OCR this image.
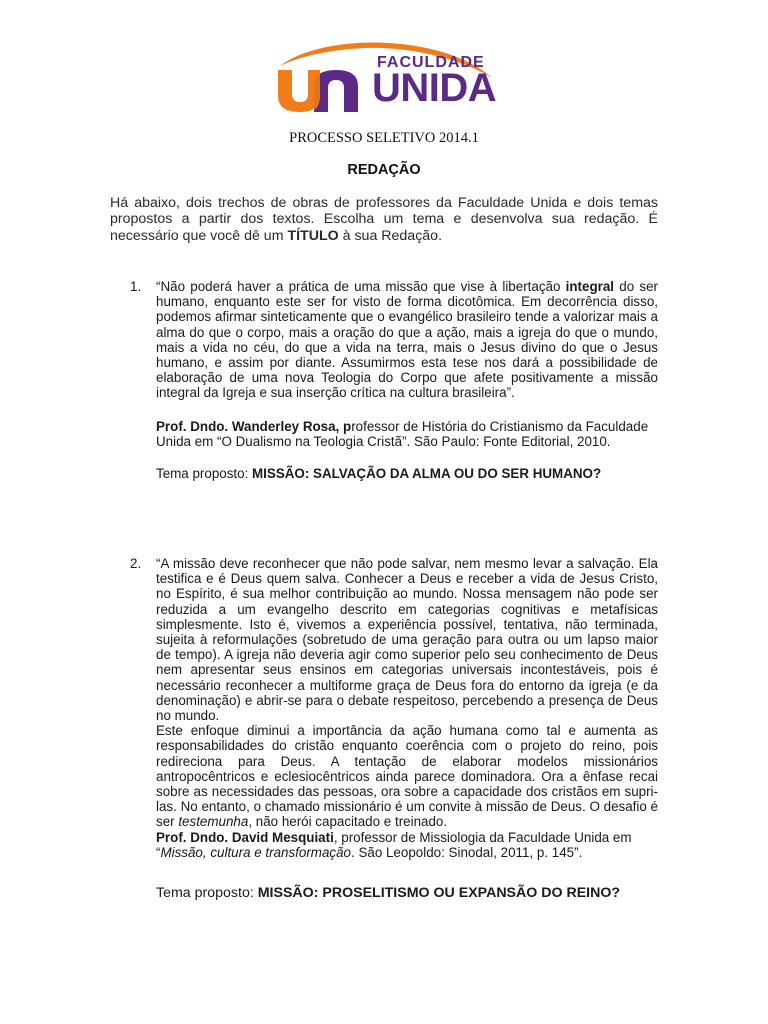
FACULDADE
UNIDA
PROCESSO SELETIVO 2014.1
REDAÇÃO
Há abaixo, dois trechos de obras de professores da Faculdade Unida e dois temas propostos a partir dos textos. Escolha um tema e desenvolva sua redação. É necessário que você dê um TÍTULO à sua Redação.
1. “Não poderá haver a prática de uma missão que vise à libertação integral do ser humano, enquanto este ser for visto de forma dicotômica. Em decorrência disso, podemos afirmar sinteticamente que o evangélico brasileiro tende a valorizar mais a alma do que o corpo, mais a oração do que a ação, mais a igreja do que o mundo, mais a vida no céu, do que a vida na terra, mais o Jesus divino do que o Jesus humano, e assim por diante. Assumirmos esta tese nos dará a possibilidade de elaboração de uma nova Teologia do Corpo que afete positivamente a missão integral da Igreja e sua inserção crítica na cultura brasileira”.

Prof. Dndo. Wanderley Rosa, professor de História do Cristianismo da Faculdade Unida em “O Dualismo na Teologia Cristã”. São Paulo: Fonte Editorial, 2010.

Tema proposto: MISSÃO: SALVAÇÃO DA ALMA OU DO SER HUMANO?

2. “A missão deve reconhecer que não pode salvar, nem mesmo levar a salvação. Ela testifica e é Deus quem salva. Conhecer a Deus e receber a vida de Jesus Cristo, no Espírito, é sua melhor contribuição ao mundo. Nossa mensagem não pode ser reduzida a um evangelho descrito em categorias cognitivas e metafísicas simplesmente. Isto é, vivemos a experiência possível, tentativa, não terminada, sujeita à reformulações (sobretudo de uma geração para outra ou um lapso maior de tempo). A igreja não deveria agir como superior pelo seu conhecimento de Deus nem apresentar seus ensinos em categorias universais incontestáveis, pois é necessário reconhecer a multiforme graça de Deus fora do entorno da igreja (e da denominação) e abrir-se para o debate respeitoso, percebendo a presença de Deus no mundo.

Este enfoque diminui a importância da ação humana como tal e aumenta as responsabilidades do cristão enquanto coerência com o projeto do reino, pois redireciona para Deus. A tentação de elaborar modelos missionários antropocêntricos e eclesiocêntricos ainda parece dominadora. Ora a ênfase recai sobre as necessidades das pessoas, ora sobre a capacidade dos cristãos em supri-las. No entanto, o chamado missionário é um convite à missão de Deus. O desafio é ser testemunha, não herói capacitado e treinado.

Prof. Dndo. David Mesquiati, professor de Missiologia da Faculdade Unida em “Missão, cultura e transformação. São Leopoldo: Sinodal, 2011, p. 145”.

Tema proposto: MISSÃO: PROSELITISMO OU EXPANSÃO DO REINO?
